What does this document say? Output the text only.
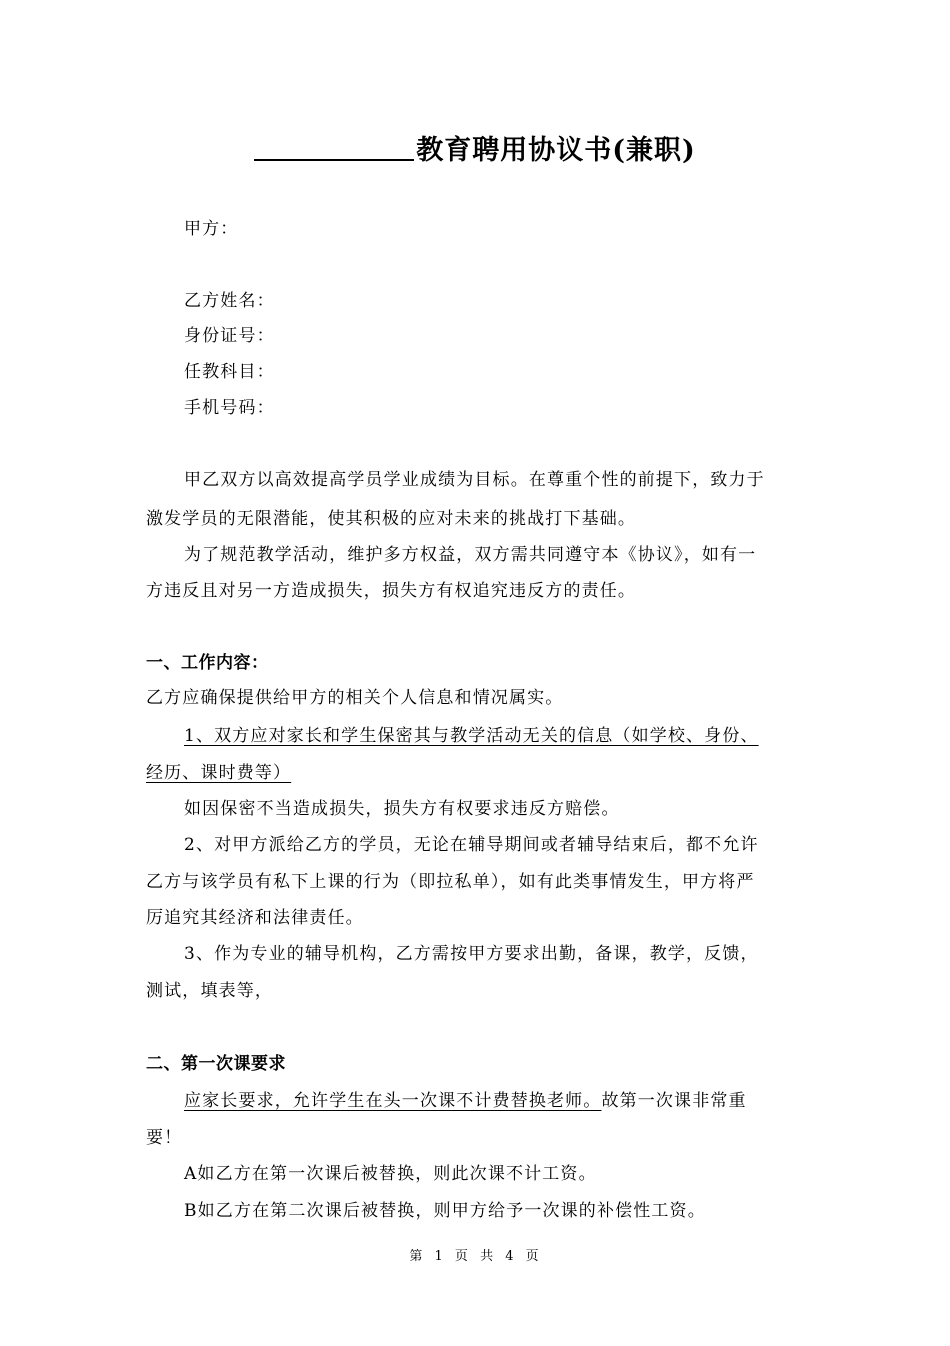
教育聘用协议书(兼职)
甲方：
乙方姓名：
身份证号：
任教科目：
手机号码：
甲乙双方以高效提高学员学业成绩为目标。在尊重个性的前提下，致力于
激发学员的无限潜能，使其积极的应对未来的挑战打下基础。
为了规范教学活动，维护多方权益，双方需共同遵守本《协议》，如有一
方违反且对另一方造成损失，损失方有权追究违反方的责任。
一、工作内容：
乙方应确保提供给甲方的相关个人信息和情况属实。
1、双方应对家长和学生保密其与教学活动无关的信息（如学校、身份、
经历、课时费等）
如因保密不当造成损失，损失方有权要求违反方赔偿。
2、对甲方派给乙方的学员，无论在辅导期间或者辅导结束后，都不允许
乙方与该学员有私下上课的行为（即拉私单），如有此类事情发生，甲方将严
厉追究其经济和法律责任。
3、作为专业的辅导机构，乙方需按甲方要求出勤，备课，教学，反馈，
测试，填表等，
二、第一次课要求
应家长要求，允许学生在头一次课不计费替换老师。故第一次课非常重
要！
A如乙方在第一次课后被替换，则此次课不计工资。
B如乙方在第二次课后被替换，则甲方给予一次课的补偿性工资。
第 1 页 共 4 页
